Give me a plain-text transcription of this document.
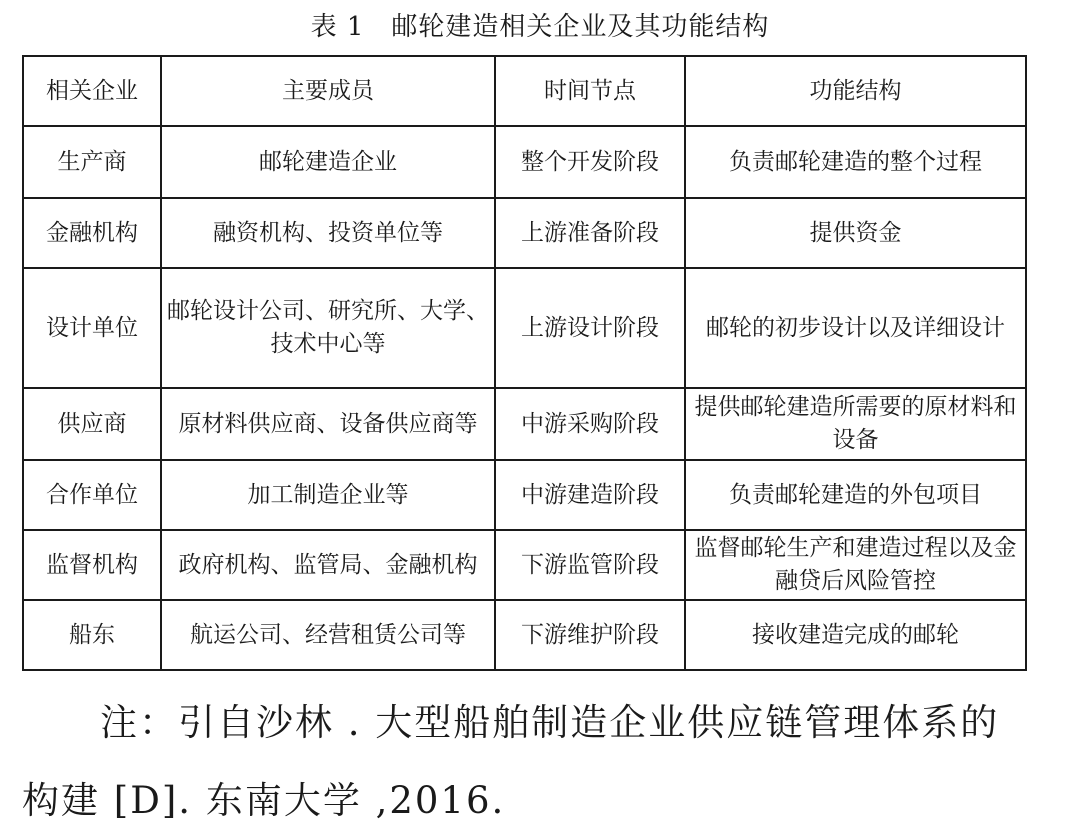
表 1　邮轮建造相关企业及其功能结构
相关企业	主要成员	时间节点	功能结构
生产商	邮轮建造企业	整个开发阶段	负责邮轮建造的整个过程
金融机构	融资机构、投资单位等	上游准备阶段	提供资金
设计单位	邮轮设计公司、研究所、大学、技术中心等	上游设计阶段	邮轮的初步设计以及详细设计
供应商	原材料供应商、设备供应商等	中游采购阶段	提供邮轮建造所需要的原材料和设备
合作单位	加工制造企业等	中游建造阶段	负责邮轮建造的外包项目
监督机构	政府机构、监管局、金融机构	下游监管阶段	监督邮轮生产和建造过程以及金融贷后风险管控
船东	航运公司、经营租赁公司等	下游维护阶段	接收建造完成的邮轮
注：引自沙林 . 大型船舶制造企业供应链管理体系的构建 [D]. 东南大学 ,2016.
